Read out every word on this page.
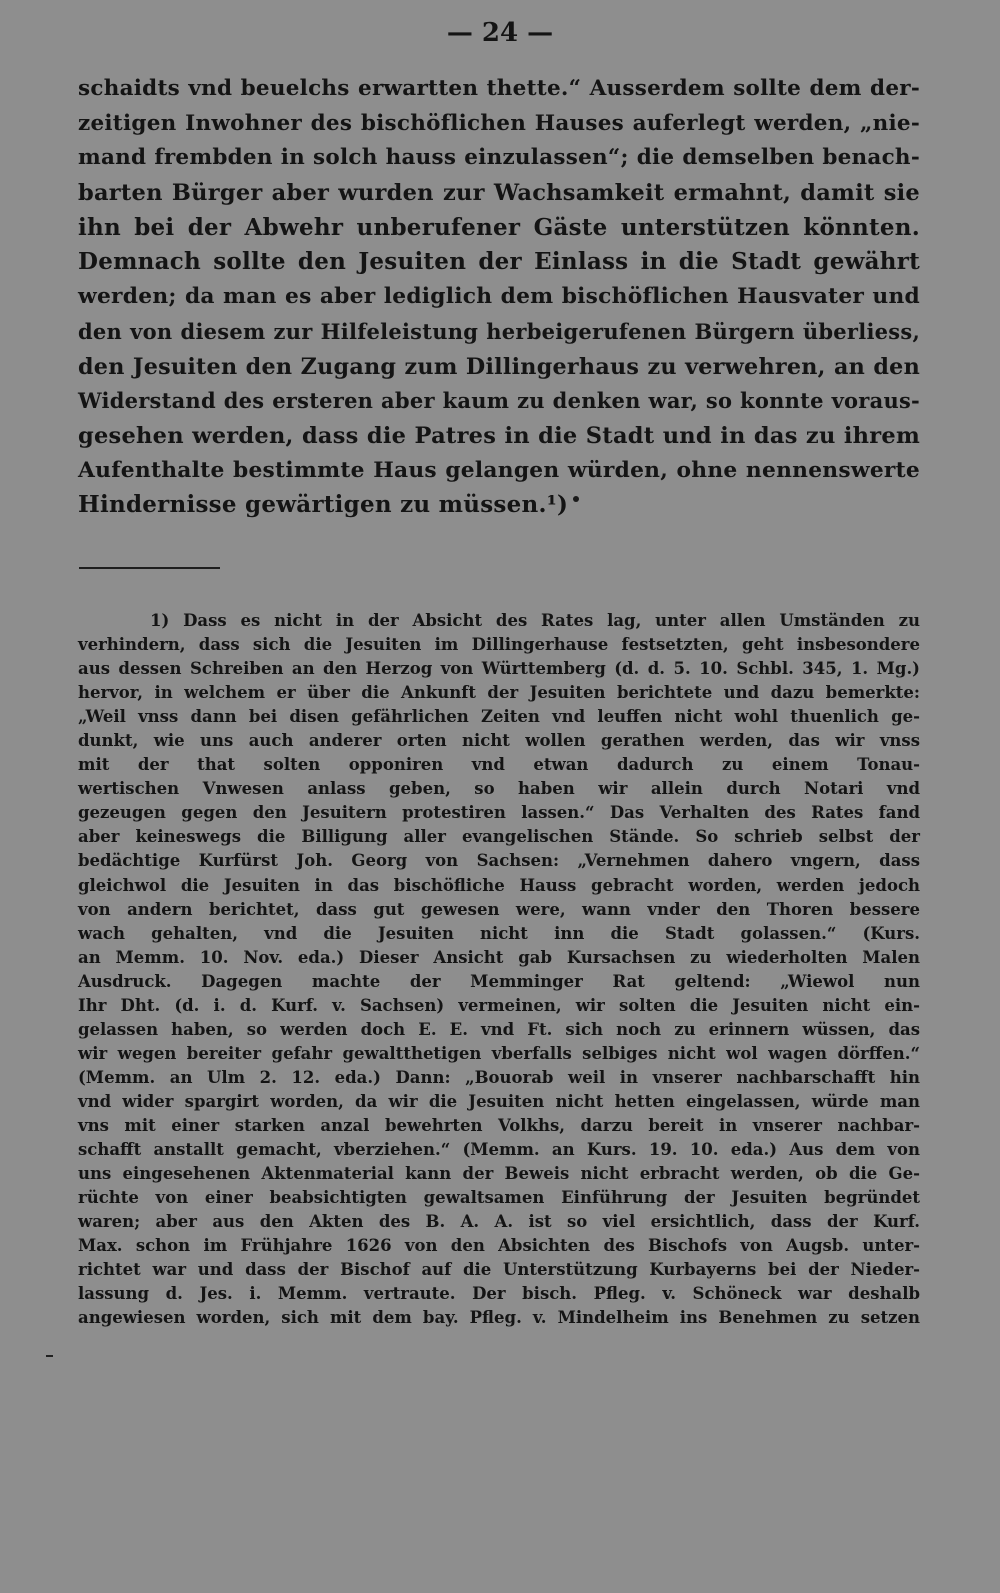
— 24 —
schaidts vnd beuelchs erwartten thette.“ Ausserdem sollte dem der-
zeitigen Inwohner des bischöflichen Hauses auferlegt werden, „nie-
mand frembden in solch hauss einzulassen“; die demselben benach-
barten Bürger aber wurden zur Wachsamkeit ermahnt, damit sie
ihn bei der Abwehr unberufener Gäste unterstützen könnten.
Demnach sollte den Jesuiten der Einlass in die Stadt gewährt
werden; da man es aber lediglich dem bischöflichen Hausvater und
den von diesem zur Hilfeleistung herbeigerufenen Bürgern überliess,
den Jesuiten den Zugang zum Dillingerhaus zu verwehren, an den
Widerstand des ersteren aber kaum zu denken war, so konnte voraus-
gesehen werden, dass die Patres in die Stadt und in das zu ihrem
Aufenthalte bestimmte Haus gelangen würden, ohne nennenswerte
Hindernisse gewärtigen zu müssen.¹)
1) Dass es nicht in der Absicht des Rates lag, unter allen Umständen zu
verhindern, dass sich die Jesuiten im Dillingerhause festsetzten, geht insbesondere
aus dessen Schreiben an den Herzog von Württemberg (d. d. 5. 10. Schbl. 345, 1. Mg.)
hervor, in welchem er über die Ankunft der Jesuiten berichtete und dazu bemerkte:
„Weil vnss dann bei disen gefährlichen Zeiten vnd leuffen nicht wohl thuenlich ge-
dunkt, wie uns auch anderer orten nicht wollen gerathen werden, das wir vnss
mit der that solten opponiren vnd etwan dadurch zu einem Tonau-
wertischen Vnwesen anlass geben, so haben wir allein durch Notari vnd
gezeugen gegen den Jesuitern protestiren lassen.“ Das Verhalten des Rates fand
aber keineswegs die Billigung aller evangelischen Stände. So schrieb selbst der
bedächtige Kurfürst Joh. Georg von Sachsen: „Vernehmen dahero vngern, dass
gleichwol die Jesuiten in das bischöfliche Hauss gebracht worden, werden jedoch
von andern berichtet, dass gut gewesen were, wann vnder den Thoren bessere
wach gehalten, vnd die Jesuiten nicht inn die Stadt golassen.“ (Kurs.
an Memm. 10. Nov. eda.) Dieser Ansicht gab Kursachsen zu wiederholten Malen
Ausdruck. Dagegen machte der Memminger Rat geltend: „Wiewol nun
Ihr Dht. (d. i. d. Kurf. v. Sachsen) vermeinen, wir solten die Jesuiten nicht ein-
gelassen haben, so werden doch E. E. vnd Ft. sich noch zu erinnern wüssen, das
wir wegen bereiter gefahr gewaltthetigen vberfalls selbiges nicht wol wagen dörffen.“
(Memm. an Ulm 2. 12. eda.) Dann: „Bouorab weil in vnserer nachbarschafft hin
vnd wider spargirt worden, da wir die Jesuiten nicht hetten eingelassen, würde man
vns mit einer starken anzal bewehrten Volkhs, darzu bereit in vnserer nachbar-
schafft anstallt gemacht, vberziehen.“ (Memm. an Kurs. 19. 10. eda.) Aus dem von
uns eingesehenen Aktenmaterial kann der Beweis nicht erbracht werden, ob die Ge-
rüchte von einer beabsichtigten gewaltsamen Einführung der Jesuiten begründet
waren; aber aus den Akten des B. A. A. ist so viel ersichtlich, dass der Kurf.
Max. schon im Frühjahre 1626 von den Absichten des Bischofs von Augsb. unter-
richtet war und dass der Bischof auf die Unterstützung Kurbayerns bei der Nieder-
lassung d. Jes. i. Memm. vertraute. Der bisch. Pfleg. v. Schöneck war deshalb
angewiesen worden, sich mit dem bay. Pfleg. v. Mindelheim ins Benehmen zu setzen
